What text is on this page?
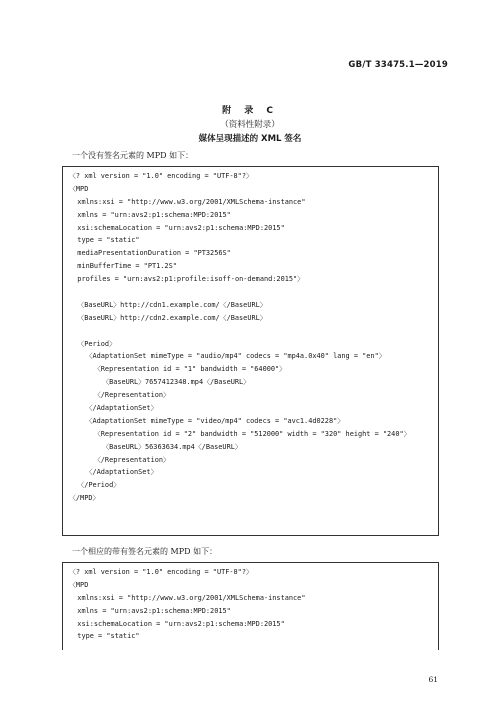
GB/T 33475.1—2019
附 录 C
（资料性附录）
媒体呈现描述的 XML 签名
一个没有签名元素的 MPD 如下：
〈? xml version = "1.0" encoding = "UTF-8"?〉
〈MPD
xmlns:xsi = "http://www.w3.org/2001/XMLSchema-instance"
xmlns = "urn:avs2:p1:schema:MPD:2015"
xsi:schemaLocation = "urn:avs2:p1:schema:MPD:2015"
type = "static"
mediaPresentationDuration = "PT3256S"
minBufferTime = "PT1.2S"
profiles = "urn:avs2:p1:profile:isoff-on-demand:2015"〉
〈BaseURL〉http://cdn1.example.com/〈/BaseURL〉
〈BaseURL〉http://cdn2.example.com/〈/BaseURL〉
〈Period〉
〈AdaptationSet mimeType = "audio/mp4" codecs = "mp4a.0x40" lang = "en"〉
〈Representation id = "1" bandwidth = "64000"〉
〈BaseURL〉7657412348.mp4〈/BaseURL〉
〈/Representation〉
〈/AdaptationSet〉
〈AdaptationSet mimeType = "video/mp4" codecs = "avc1.4d0228"〉
〈Representation id = "2" bandwidth = "512000" width = "320" height = "240"〉
〈BaseURL〉56363634.mp4〈/BaseURL〉
〈/Representation〉
〈/AdaptationSet〉
〈/Period〉
〈/MPD〉
一个相应的带有签名元素的 MPD 如下：
〈? xml version = "1.0" encoding = "UTF-8"?〉
〈MPD
xmlns:xsi = "http://www.w3.org/2001/XMLSchema-instance"
xmlns = "urn:avs2:p1:schema:MPD:2015"
xsi:schemaLocation = "urn:avs2:p1:schema:MPD:2015"
type = "static"
61
